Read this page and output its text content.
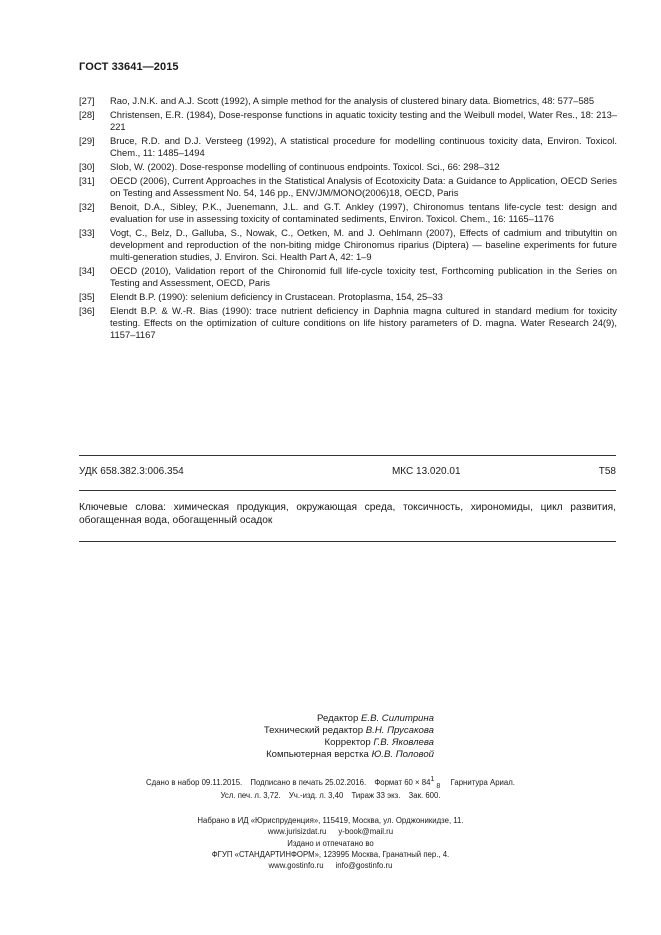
ГОСТ 33641—2015
[27]	Rao, J.N.K. and A.J. Scott (1992), A simple method for the analysis of clustered binary data. Biometrics, 48: 577–585
[28]	Christensen, E.R. (1984), Dose-response functions in aquatic toxicity testing and the Weibull model, Water Res., 18: 213–221
[29]	Bruce, R.D. and D.J. Versteeg (1992), A statistical procedure for modelling continuous toxicity data, Environ. Toxicol. Chem., 11: 1485–1494
[30]	Slob, W. (2002). Dose-response modelling of continuous endpoints. Toxicol. Sci., 66: 298–312
[31]	OECD (2006), Current Approaches in the Statistical Analysis of Ecotoxicity Data: a Guidance to Application, OECD Series on Testing and Assessment No. 54, 146 pp., ENV/JM/MONO(2006)18, OECD, Paris
[32]	Benoit, D.A., Sibley, P.K., Juenemann, J.L. and G.T. Ankley (1997), Chironomus tentans life-cycle test: design and evaluation for use in assessing toxicity of contaminated sediments, Environ. Toxicol. Chem., 16: 1165–1176
[33]	Vogt, C., Belz, D., Galluba, S., Nowak, C., Oetken, M. and J. Oehlmann (2007), Effects of cadmium and tributyltin on development and reproduction of the non-biting midge Chironomus riparius (Diptera) — baseline experiments for future multi-generation studies, J. Environ. Sci. Health Part A, 42: 1–9
[34]	OECD (2010), Validation report of the Chironomid full life-cycle toxicity test, Forthcoming publication in the Series on Testing and Assessment, OECD, Paris
[35]	Elendt B.P. (1990): selenium deficiency in Crustacean. Protoplasma, 154, 25–33
[36]	Elendt B.P. & W.-R. Bias (1990): trace nutrient deficiency in Daphnia magna cultured in standard medium for toxicity testing. Effects on the optimization of culture conditions on life history parameters of D. magna. Water Research 24(9), 1157–1167
УДК 658.382.3:006.354	МКС 13.020.01	Т58
Ключевые слова: химическая продукция, окружающая среда, токсичность, хирономиды, цикл развития, обогащенная вода, обогащенный осадок
Редактор Е.В. Силитрина
Технический редактор В.Н. Прусакова
Корректор Г.В. Яковлева
Компьютерная верстка Ю.В. Половой

Сдано в набор 09.11.2015. Подписано в печать 25.02.2016. Формат 60 × 84 1
8 Гарнитура Ариал.

Усл. печ. л. 3,72. Уч.-изд. л. 3,40 Тираж 33 экз. Зак. 600.

Набрано в ИД «Юриспруденция», 115419, Москва, ул. Орджоникидзе, 11.

www.jurisizdat.ru y-book@mail.ru

Издано и отпечатано во

ФГУП «СТАНДАРТИНФОРМ», 123995 Москва, Гранатный пер., 4.

www.gostinfo.ru info@gostinfo.ru
